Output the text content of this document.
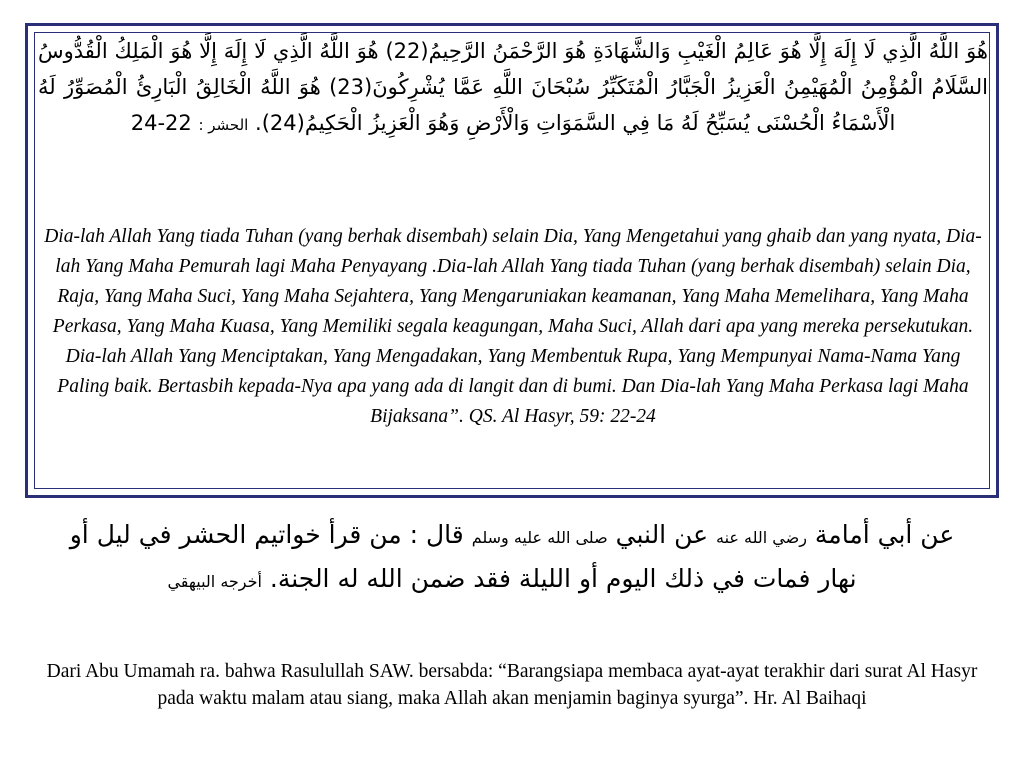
هُوَ اللَّهُ الَّذِي لَا إِلَهَ إِلَّا هُوَ عَالِمُ الْغَيْبِ وَالشَّهَادَةِ هُوَ الرَّحْمَنُ الرَّحِيمُ(22) هُوَ اللَّهُ الَّذِي لَا إِلَهَ إِلَّا هُوَ الْمَلِكُ الْقُدُّوسُ السَّلَامُ الْمُؤْمِنُ الْمُهَيْمِنُ الْعَزِيزُ الْجَبَّارُ الْمُتَكَبِّرُ سُبْحَانَ اللَّهِ عَمَّا يُشْرِكُونَ(23) هُوَ اللَّهُ الْخَالِقُ الْبَارِئُ الْمُصَوِّرُ لَهُ الْأَسْمَاءُ الْحُسْنَى يُسَبِّحُ لَهُ مَا فِي السَّمَوَاتِ وَالْأَرْضِ وَهُوَ الْعَزِيزُ الْحَكِيمُ(24). الحشر : 22-24
Dia-lah Allah Yang tiada Tuhan (yang berhak disembah) selain Dia, Yang Mengetahui yang ghaib dan yang nyata, Dia-lah Yang Maha Pemurah lagi Maha Penyayang .Dia-lah Allah Yang tiada Tuhan (yang berhak disembah) selain Dia, Raja, Yang Maha Suci, Yang Maha Sejahtera, Yang Mengaruniakan keamanan, Yang Maha Memelihara, Yang Maha Perkasa, Yang Maha Kuasa, Yang Memiliki segala keagungan, Maha Suci, Allah dari apa yang mereka persekutukan. Dia-lah Allah Yang Menciptakan, Yang Mengadakan, Yang Membentuk Rupa, Yang Mempunyai Nama-Nama Yang Paling baik. Bertasbih kepada-Nya apa yang ada di langit dan di bumi. Dan Dia-lah Yang Maha Perkasa lagi Maha Bijaksana”. QS. Al Hasyr, 59: 22-24
عن أبي أمامة رضي الله عنه عن النبي صلى الله عليه وسلم قال : من قرأ خواتيم الحشر في ليل أو نهار فمات في ذلك اليوم أو الليلة فقد ضمن الله له الجنة. أخرجه البيهقي
Dari Abu Umamah ra. bahwa Rasulullah SAW. bersabda: “Barangsiapa membaca ayat-ayat terakhir dari surat Al Hasyr pada waktu malam atau siang, maka Allah akan menjamin baginya syurga”. Hr. Al Baihaqi
